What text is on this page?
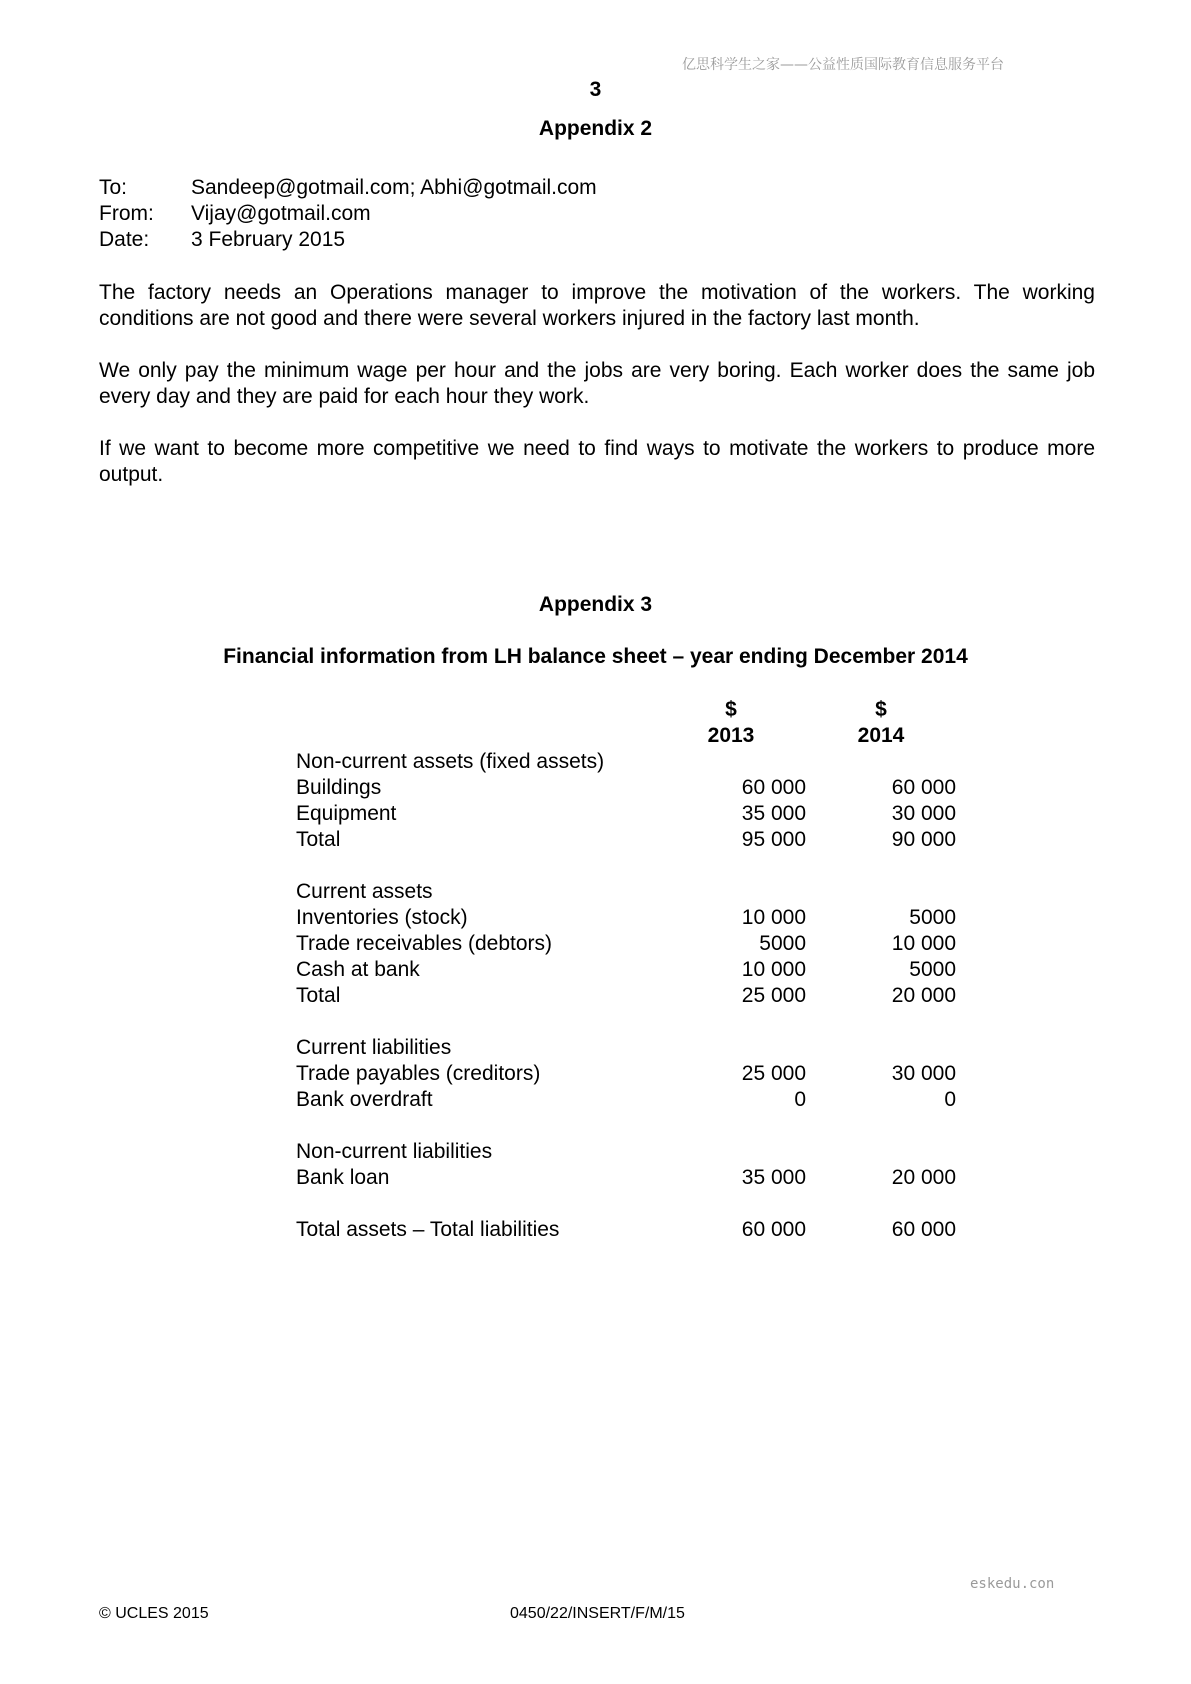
亿思科学生之家——公益性质国际教育信息服务平台
3
Appendix 2
To:	Sandeep@gotmail.com; Abhi@gotmail.com
From:	Vijay@gotmail.com
Date:	3 February 2015

The factory needs an Operations manager to improve the motivation of the workers. The working conditions are not good and there were several workers injured in the factory last month.

We only pay the minimum wage per hour and the jobs are very boring. Each worker does the same job every day and they are paid for each hour they work.

If we want to become more competitive we need to find ways to motivate the workers to produce more output.

Appendix 3
Financial information from LH balance sheet – year ending December 2014
	$	$
	2013	2014
Non-current assets (fixed assets)		
Buildings	60 000	60 000
Equipment	35 000	30 000
Total	95 000	90 000

Current assets		
Inventories (stock)	10 000	5000
Trade receivables (debtors)	5000	10 000
Cash at bank	10 000	5000
Total	25 000	20 000

Current liabilities		
Trade payables (creditors)	25 000	30 000
Bank overdraft	0	0

Non-current liabilities		
Bank loan	35 000	20 000

Total assets – Total liabilities	60 000	60 000
eskedu.con
© UCLES 2015	0450/22/INSERT/F/M/15
